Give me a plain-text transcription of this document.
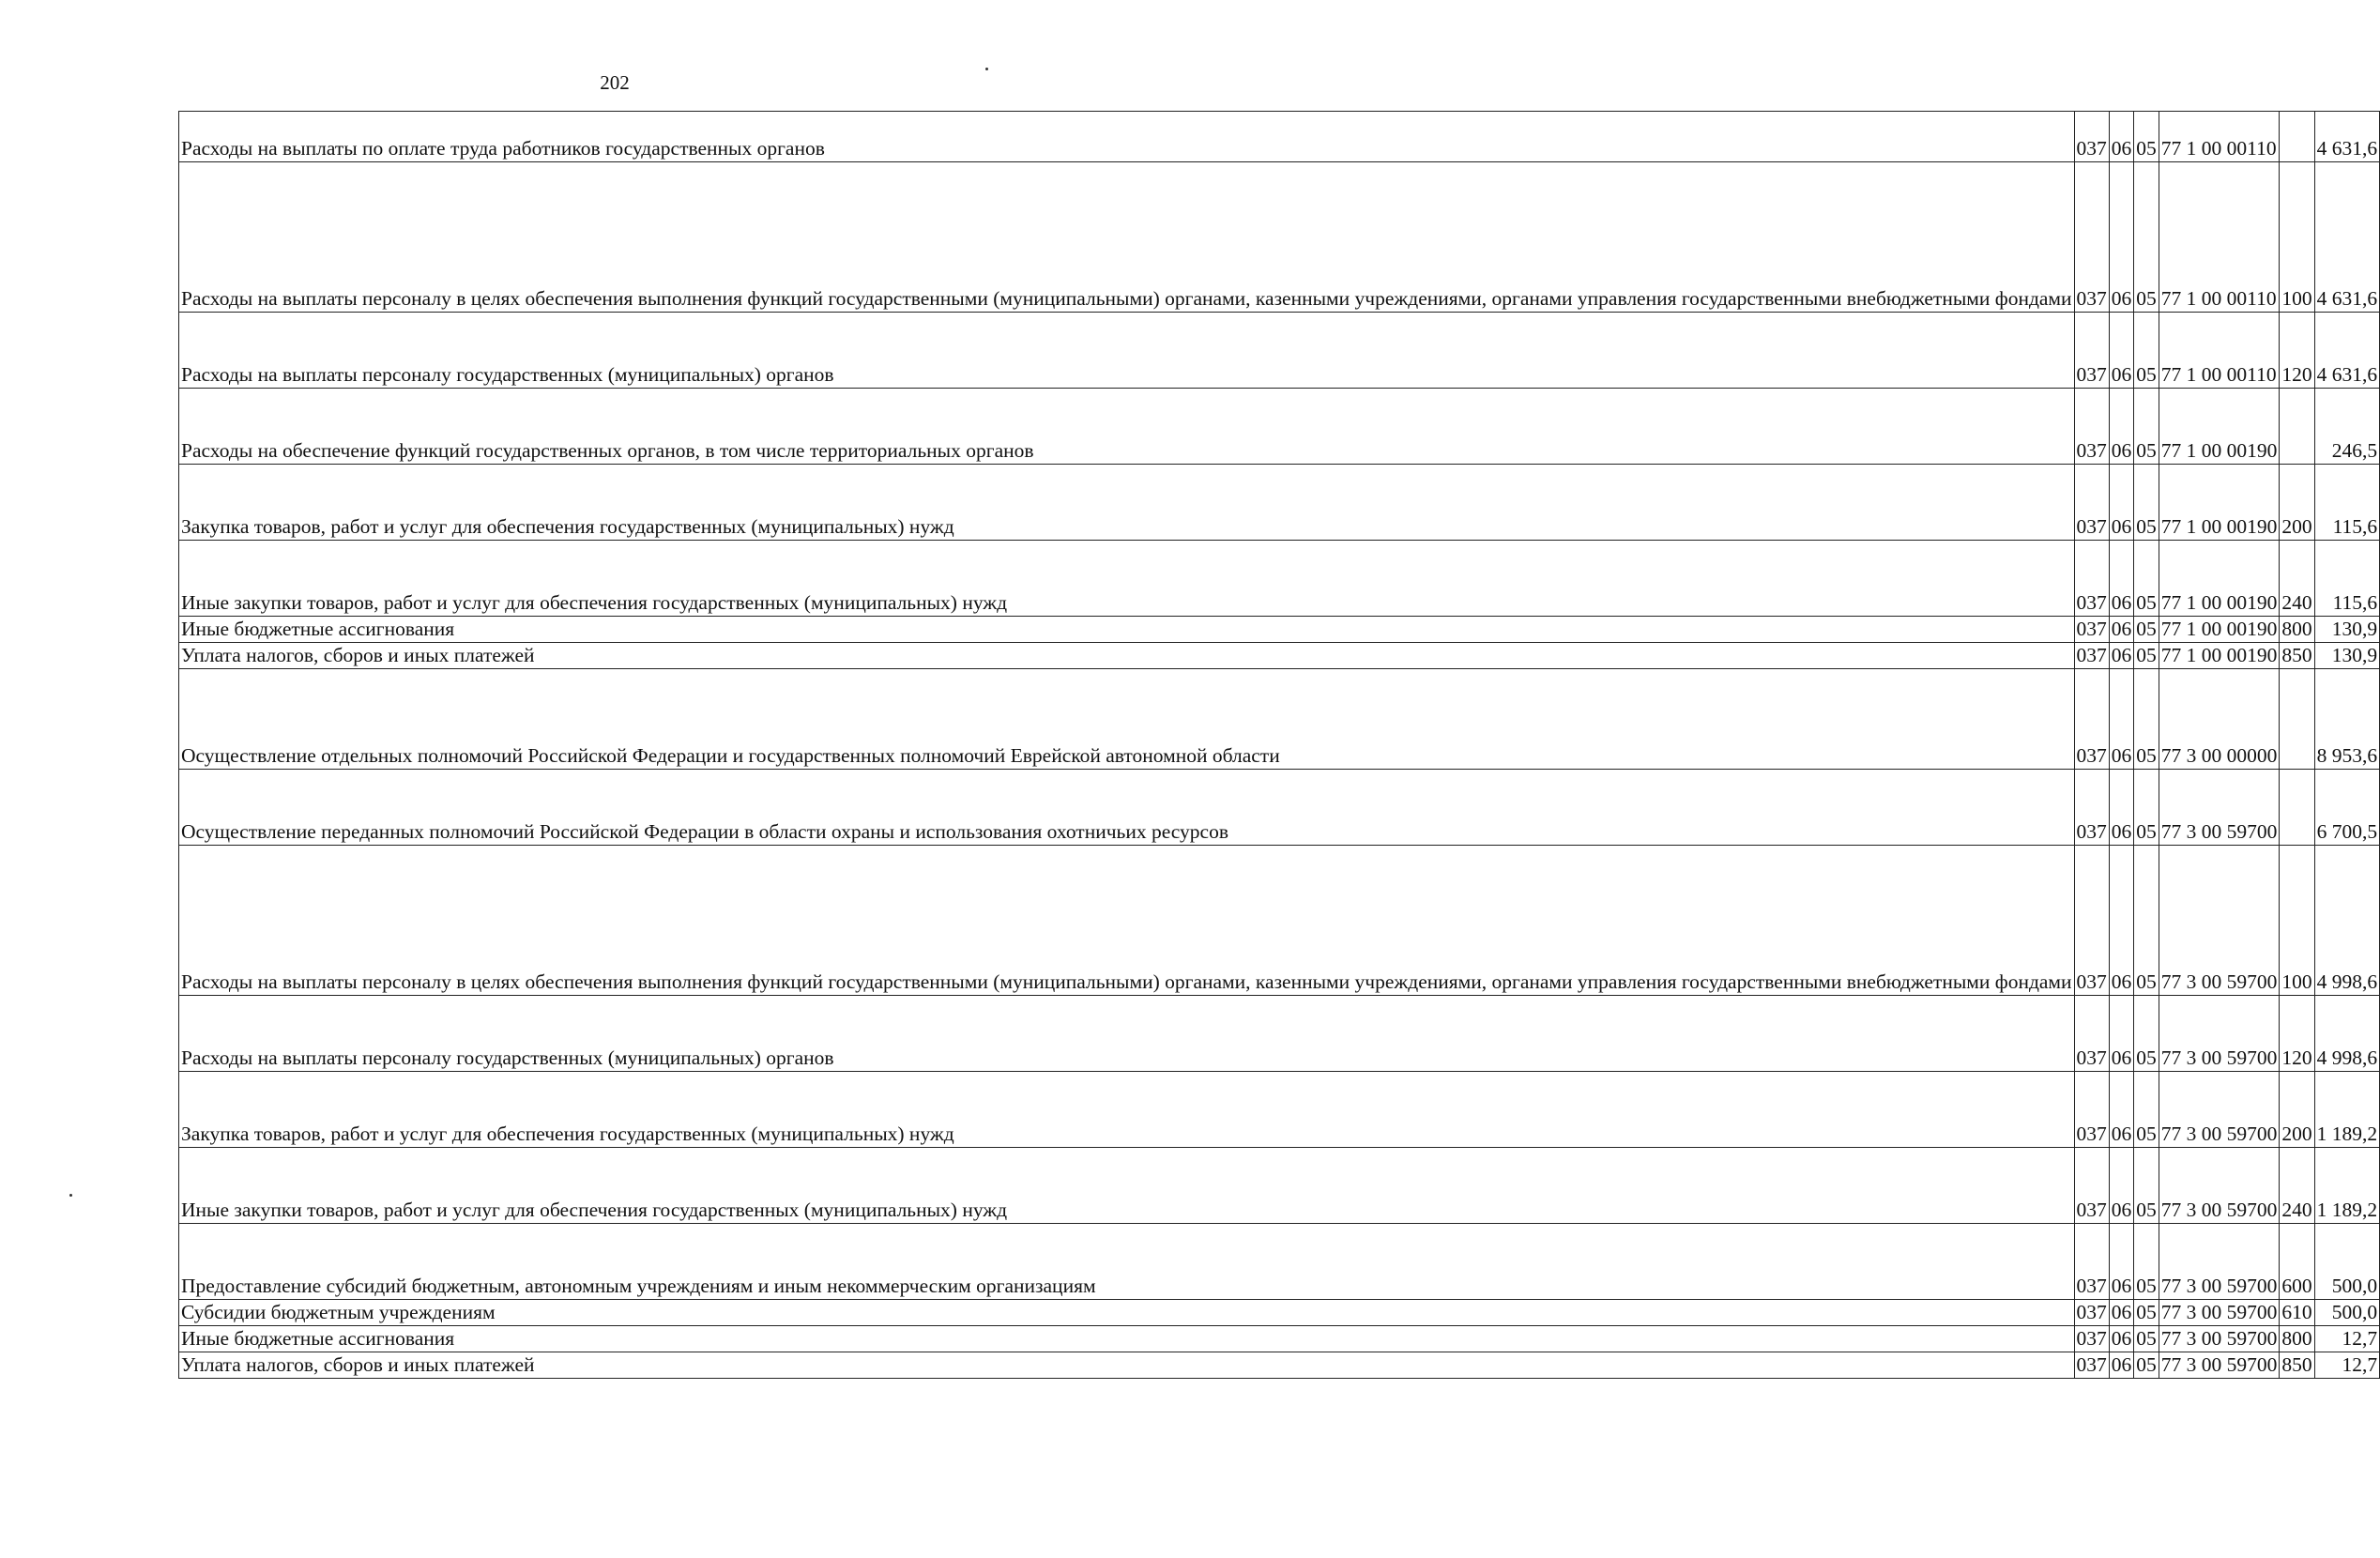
202
Расходы на выплаты по оплате труда работников государственных органов	037	06	05	77 1 00 00110		4 631,6
Расходы на выплаты персоналу в целях обеспечения выполнения функций государственными (муниципальными) органами, казенными учреждениями, органами управления государственными внебюджетными фондами	037	06	05	77 1 00 00110	100	4 631,6
Расходы на выплаты персоналу государственных (муниципальных) органов	037	06	05	77 1 00 00110	120	4 631,6
Расходы на обеспечение функций государственных органов, в том числе территориальных органов	037	06	05	77 1 00 00190		246,5
Закупка товаров, работ и услуг для обеспечения государственных (муниципальных) нужд	037	06	05	77 1 00 00190	200	115,6
Иные закупки товаров, работ и услуг для обеспечения государственных (муниципальных) нужд	037	06	05	77 1 00 00190	240	115,6
Иные бюджетные ассигнования	037	06	05	77 1 00 00190	800	130,9
Уплата налогов, сборов и иных платежей	037	06	05	77 1 00 00190	850	130,9
Осуществление отдельных полномочий Российской Федерации и государственных полномочий Еврейской автономной области	037	06	05	77 3 00 00000		8 953,6
Осуществление переданных полномочий Российской Федерации в области охраны и использования охотничьих ресурсов	037	06	05	77 3 00 59700		6 700,5
Расходы на выплаты персоналу в целях обеспечения выполнения функций государственными (муниципальными) органами, казенными учреждениями, органами управления государственными внебюджетными фондами	037	06	05	77 3 00 59700	100	4 998,6
Расходы на выплаты персоналу государственных (муниципальных) органов	037	06	05	77 3 00 59700	120	4 998,6
Закупка товаров, работ и услуг для обеспечения государственных (муниципальных) нужд	037	06	05	77 3 00 59700	200	1 189,2
Иные закупки товаров, работ и услуг для обеспечения государственных (муниципальных) нужд	037	06	05	77 3 00 59700	240	1 189,2
Предоставление субсидий бюджетным, автономным учреждениям и иным некоммерческим организациям	037	06	05	77 3 00 59700	600	500,0
Субсидии бюджетным учреждениям	037	06	05	77 3 00 59700	610	500,0
Иные бюджетные ассигнования	037	06	05	77 3 00 59700	800	12,7
Уплата налогов, сборов и иных платежей	037	06	05	77 3 00 59700	850	12,7
